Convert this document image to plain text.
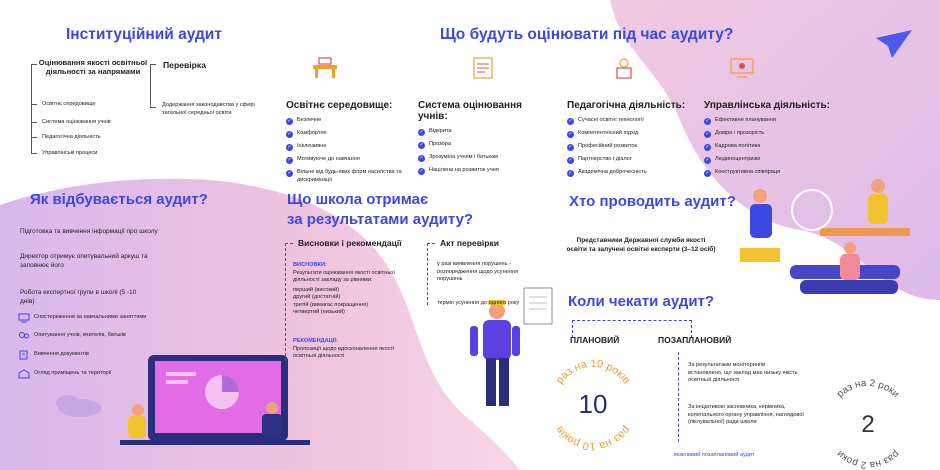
Інституційний аудит
Оцінювання якості освітньої діяльності за напрямами
Освітнє середовище
Система оцінювання учнів
Педагогічна діяльність
Управлінські процеси
Перевірка
Додержання законодавства у сфері загальної середньої освіти
Що будуть оцінювати під час аудиту?
Освітнє середовище:
✓ Безпечне
✓ Комфортне
✓ Інклюзивне
✓ Мотивуюче до навчання
✓ Вільне від будь-яких форм насилства та дискримінації
Система оцінювання учнів:
✓ Відкрита
✓ Прозора
✓ Зрозуміла учням і батькам
✓ Націлена на розвиток учня
Педагогічна діяльність:
✓ Сучасні освітні технології
✓ Компетентнісний підхід
✓ Професійний розвиток
✓ Партнерство і діалог
✓ Академічна доброчесність
Управлінська діяльність:
✓ Ефективне планування
✓ Довіра і прозорість
✓ Кадрова політика
✓ Людиноцентризм
✓ Конструктивна співпраця
Як відбувається аудит?
Підготовка та вивчення інформації про школу
Директор отримує опитувальний аркуш та заповнює його
Робота експертної групи в школі (5 -10 днів):
Спостереження за навчальними заняттями
Опитування учнів, вчителів, батьків
Вивчення документів
Огляд приміщень та території
Що школа отримає
за результатами аудиту?
Висновки і рекомендації
ВИСНОВКИ:
Результати оцінювання якості освітньої діяльності закладу за рівнями:
перший (високий)
другий (достатній)
третій (вимагає покращення)
четвертий (низький)
РЕКОМЕНДАЦІЇ:
Пропозиції щодо вдосконалення якості освітньої діяльності
Акт перевірки
у разі виявлення порушень - розпорядження щодо усунення порушень
термін усунення до одного року
Хто проводить аудит?
Представники Державної служби якості освіти та залучені освітні експерти (3–12 осіб)
Коли чекати аудит?
ПЛАНОВИЙ
раз на 10 років
раз на 10 років
10
ПОЗАПЛАНОВИЙ
За результатами моніторингів встановлено, що заклад має низьку якість освітньої діяльності
За ініціативою засновника, керівника, колегіального органу управління, наглядової (піклувальної) ради школи
можливий позаплановий аудит
раз на 2 роки
раз на 2 роки
2
